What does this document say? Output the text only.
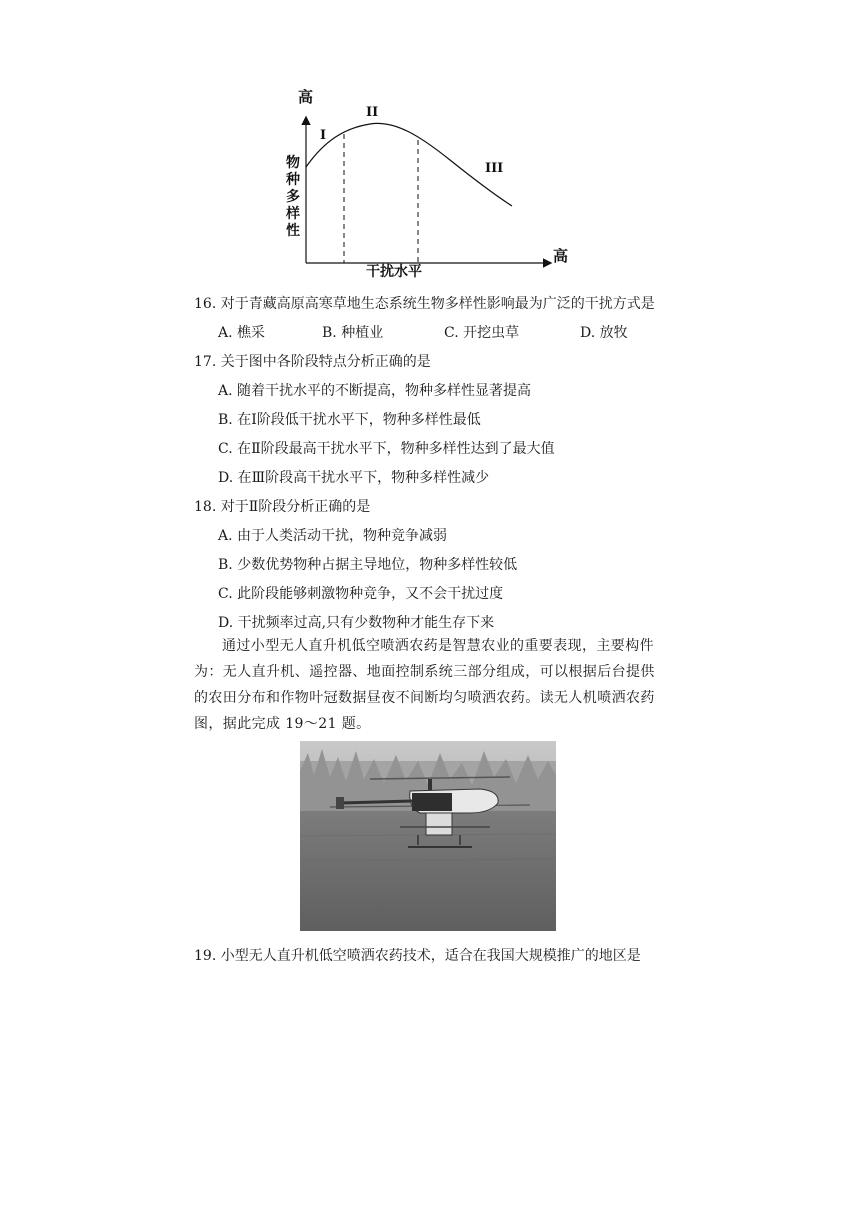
高
高
干扰水平
物
种
多
样
性
I
II
III
16. 对于青藏高原高寒草地生态系统生物多样性影响最为广泛的干扰方式是
A. 樵采	B. 种植业	C. 开挖虫草	D. 放牧
17. 关于图中各阶段特点分析正确的是
A. 随着干扰水平的不断提高，物种多样性显著提高
B. 在Ⅰ阶段低干扰水平下，物种多样性最低
C. 在Ⅱ阶段最高干扰水平下，物种多样性达到了最大值
D. 在Ⅲ阶段高干扰水平下，物种多样性减少
18. 对于Ⅱ阶段分析正确的是
A. 由于人类活动干扰，物种竞争减弱
B. 少数优势物种占据主导地位，物种多样性较低
C. 此阶段能够刺激物种竞争，又不会干扰过度
D. 干扰频率过高,只有少数物种才能生存下来
通过小型无人直升机低空喷洒农药是智慧农业的重要表现，主要构件为：无人直升机、遥控器、地面控制系统三部分组成，可以根据后台提供的农田分布和作物叶冠数据昼夜不间断均匀喷洒农药。读无人机喷洒农药图，据此完成 19～21 题。
19. 小型无人直升机低空喷洒农药技术，适合在我国大规模推广的地区是
